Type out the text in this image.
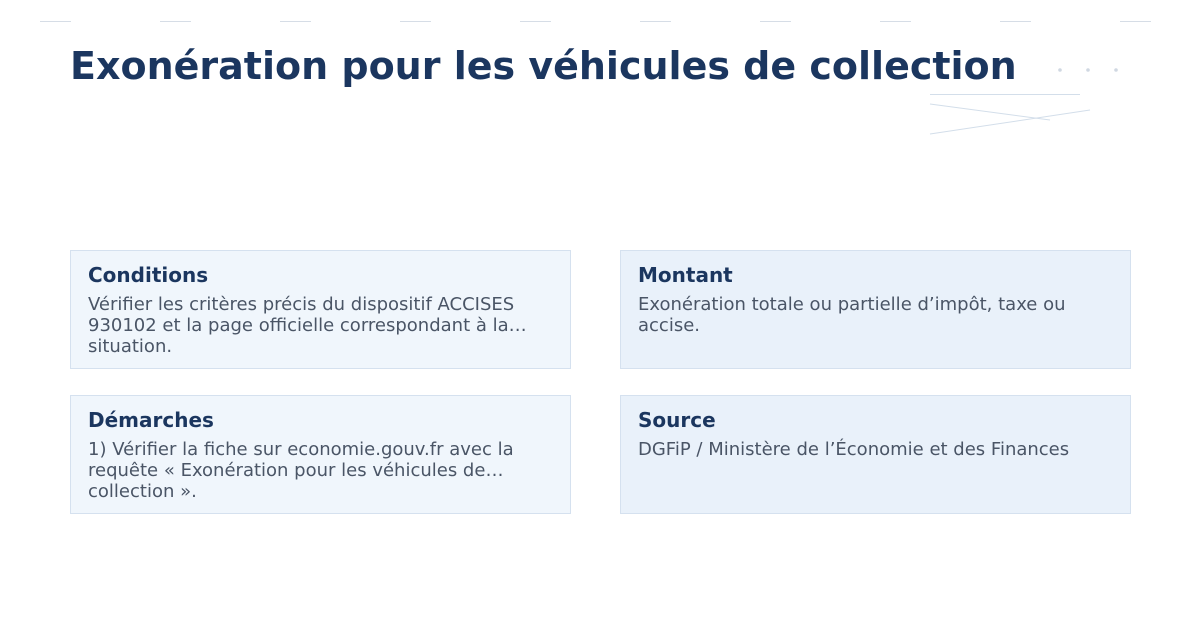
Exonération pour les véhicules de collection
Conditions

Vérifier les critères précis du dispositif ACCISES 930102 et la page officielle correspondant à la situation.

Montant

Exonération totale ou partielle d’impôt, taxe ou accise.

Démarches

1) Vérifier la fiche sur economie.gouv.fr avec la requête « Exonération pour les véhicules de collection ».

Source

DGFiP / Ministère de l’Économie et des Finances
